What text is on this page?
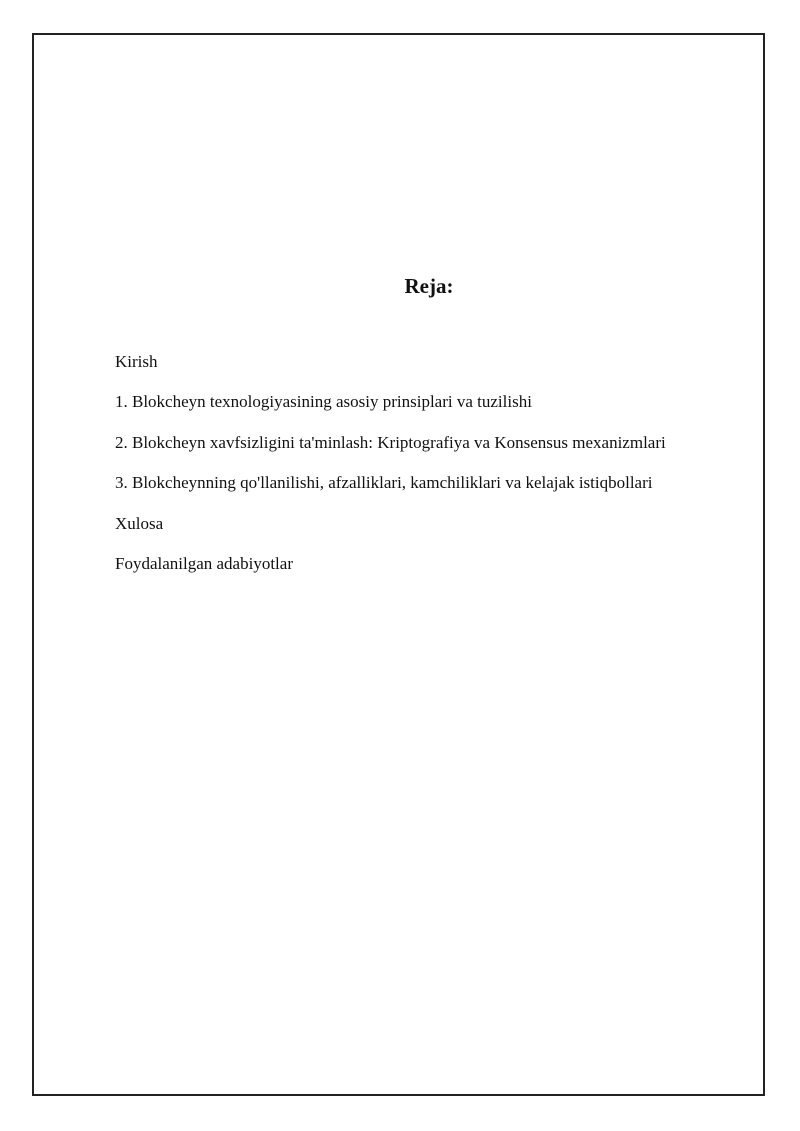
Reja:
Kirish
1. Blokcheyn texnologiyasining asosiy prinsiplari va tuzilishi
2. Blokcheyn xavfsizligini ta'minlash: Kriptografiya va Konsensus mexanizmlari
3. Blokcheynning qo'llanilishi, afzalliklari, kamchiliklari va kelajak istiqbollari
Xulosa
Foydalanilgan adabiyotlar
